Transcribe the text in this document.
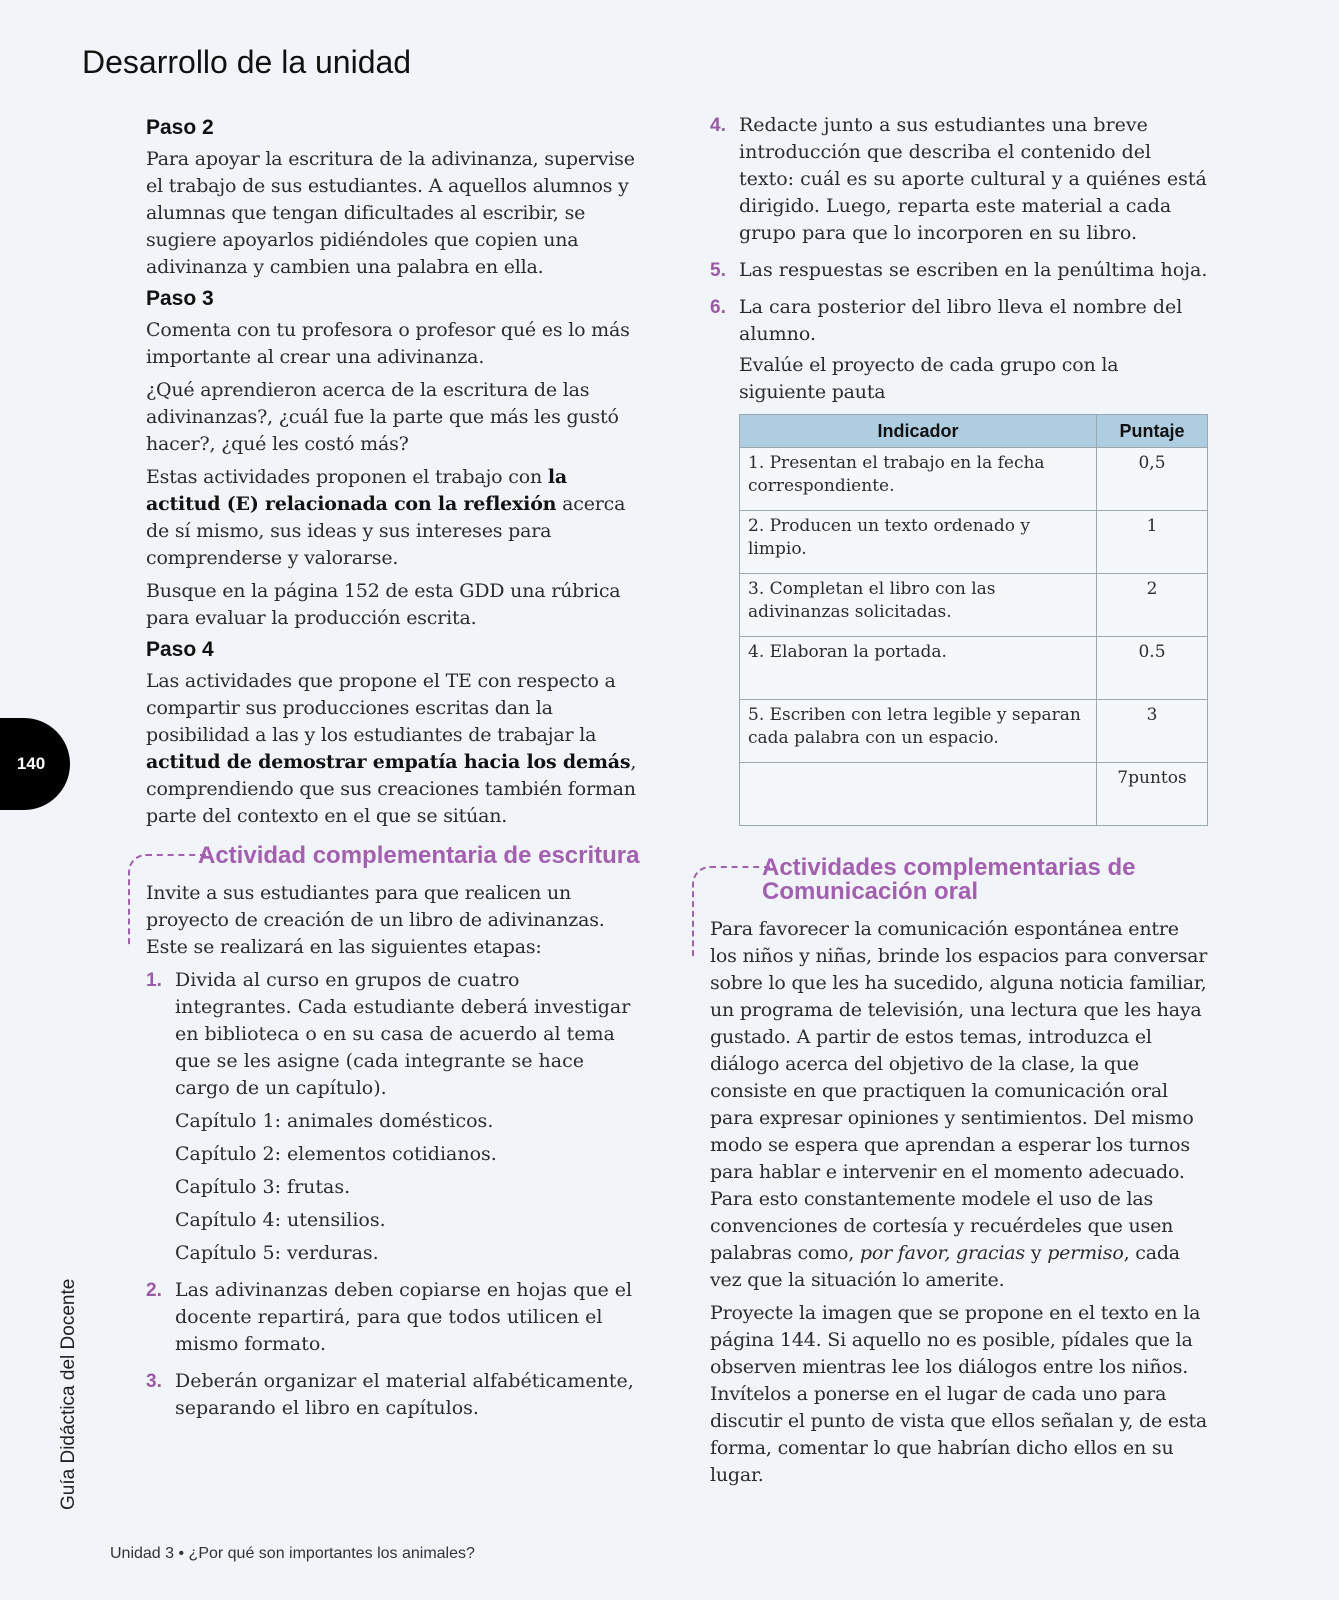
Desarrollo de la unidad
Paso 2

Para apoyar la escritura de la adivinanza, supervise el trabajo de sus estudiantes. A aquellos alumnos y alumnas que tengan dificultades al escribir, se sugiere apoyarlos pidiéndoles que copien una adivinanza y cambien una palabra en ella.

Paso 3

Comenta con tu profesora o profesor qué es lo más importante al crear una adivinanza.

¿Qué aprendieron acerca de la escritura de las adivinanzas?, ¿cuál fue la parte que más les gustó hacer?, ¿qué les costó más?

Estas actividades proponen el trabajo con la actitud (E) relacionada con la reflexión acerca de sí mismo, sus ideas y sus intereses para comprenderse y valorarse.

Busque en la página 152 de esta GDD una rúbrica para evaluar la producción escrita.

Paso 4

Las actividades que propone el TE con respecto a compartir sus producciones escritas dan la posibilidad a las y los estudiantes de trabajar la actitud de demostrar empatía hacia los demás, comprendiendo que sus creaciones también forman parte del contexto en el que se sitúan.

Actividad complementaria de escritura

Invite a sus estudiantes para que realicen un proyecto de creación de un libro de adivinanzas. Este se realizará en las siguientes etapas:

1. Divida al curso en grupos de cuatro integrantes. Cada estudiante deberá investigar en biblioteca o en su casa de acuerdo al tema que se les asigne (cada integrante se hace cargo de un capítulo).

Capítulo 1: animales domésticos.

Capítulo 2: elementos cotidianos.

Capítulo 3: frutas.

Capítulo 4: utensilios.

Capítulo 5: verduras.

2. Las adivinanzas deben copiarse en hojas que el docente repartirá, para que todos utilicen el mismo formato.
3. Deberán organizar el material alfabéticamente, separando el libro en capítulos.
4. Redacte junto a sus estudiantes una breve introducción que describa el contenido del texto: cuál es su aporte cultural y a quiénes está dirigido. Luego, reparta este material a cada grupo para que lo incorporen en su libro.
5. Las respuestas se escriben en la penúltima hoja.
6. La cara posterior del libro lleva el nombre del alumno.

Evalúe el proyecto de cada grupo con la siguiente pauta

Indicador	Puntaje
1. Presentan el trabajo en la fecha correspondiente.	0,5
2. Producen un texto ordenado y limpio.	1
3. Completan el libro con las adivinanzas solicitadas.	2
4. Elaboran la portada.	0.5
5. Escriben con letra legible y separan cada palabra con un espacio.	3
	7puntos
Actividades complementarias de
Comunicación oral

Para favorecer la comunicación espontánea entre los niños y niñas, brinde los espacios para conversar sobre lo que les ha sucedido, alguna noticia familiar, un programa de televisión, una lectura que les haya gustado. A partir de estos temas, introduzca el diálogo acerca del objetivo de la clase, la que consiste en que practiquen la comunicación oral para expresar opiniones y sentimientos. Del mismo modo se espera que aprendan a esperar los turnos para hablar e intervenir en el momento adecuado. Para esto constantemente modele el uso de las convenciones de cortesía y recuérdeles que usen palabras como, por favor, gracias y permiso, cada vez que la situación lo amerite.

Proyecte la imagen que se propone en el texto en la página 144. Si aquello no es posible, pídales que la observen mientras lee los diálogos entre los niños. Invítelos a ponerse en el lugar de cada uno para discutir el punto de vista que ellos señalan y, de esta forma, comentar lo que habrían dicho ellos en su lugar.

140
Guía Didáctica del Docente
Unidad 3 • ¿Por qué son importantes los animales?
